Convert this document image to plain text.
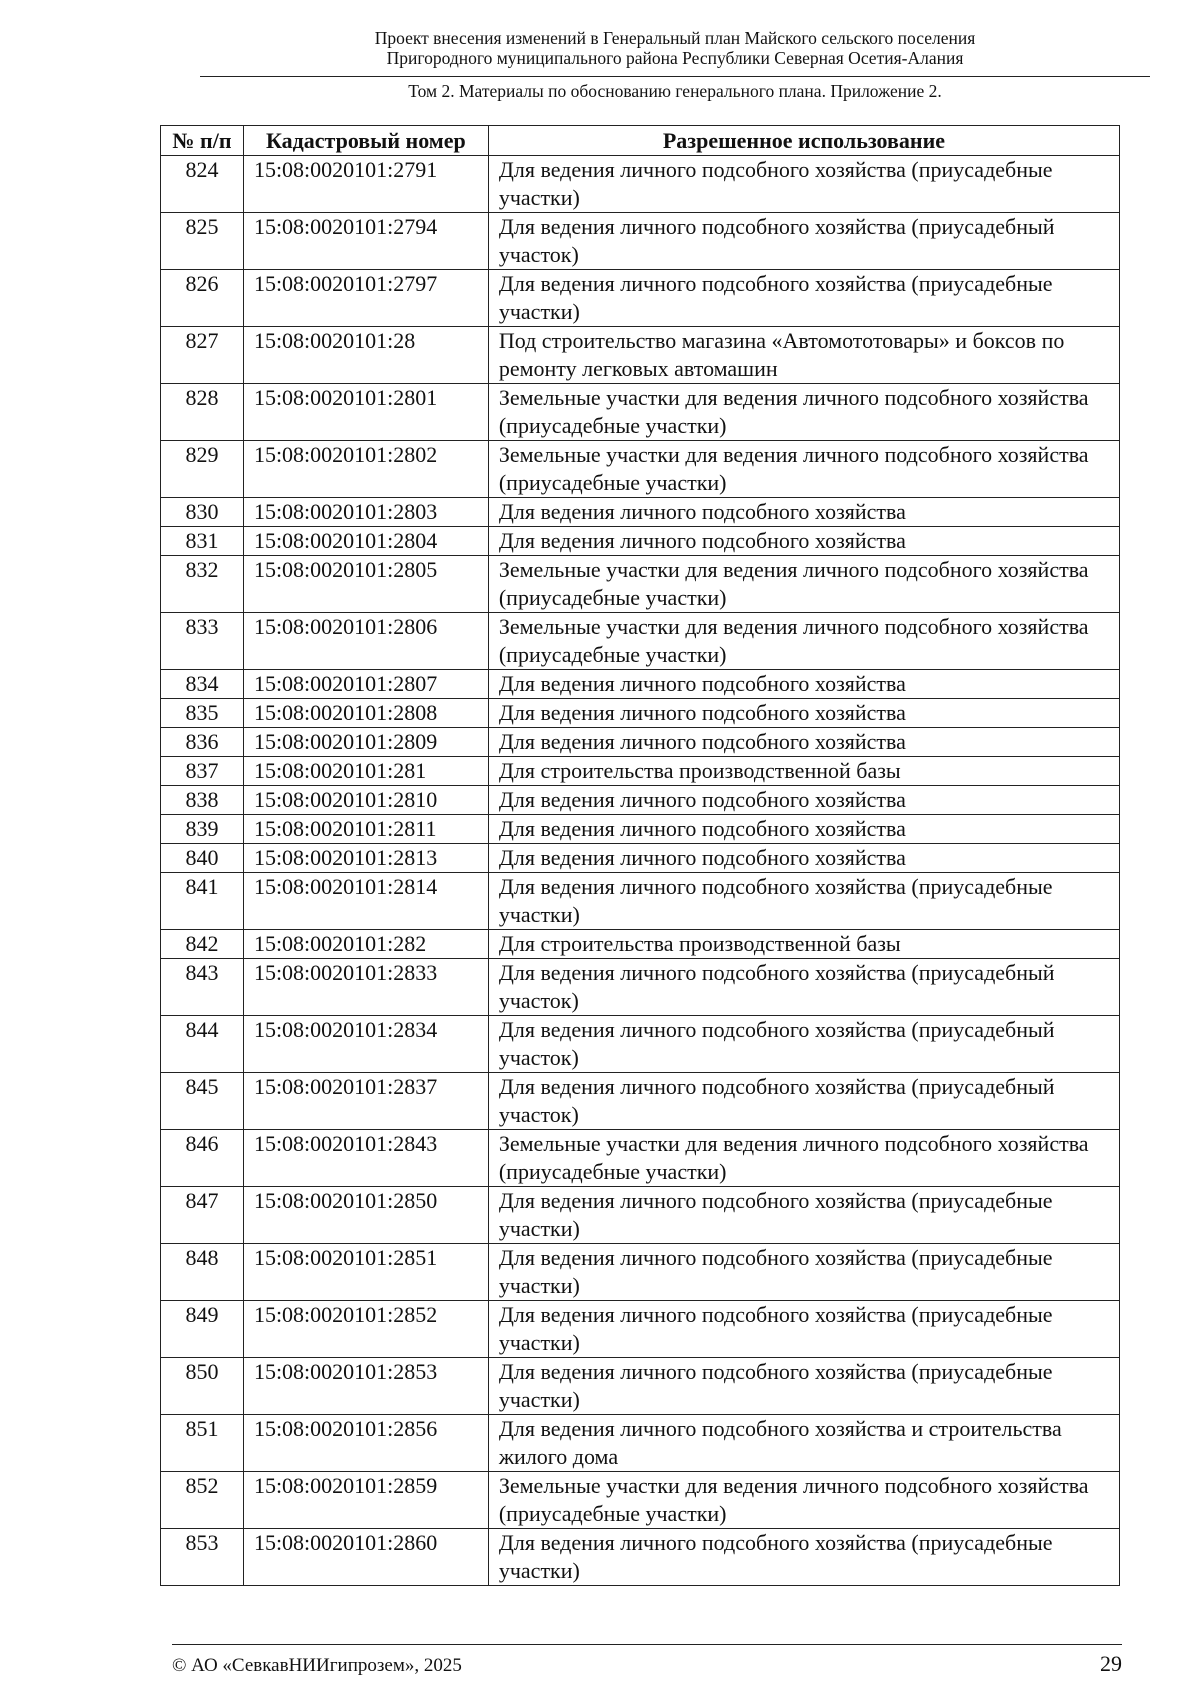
Проект внесения изменений в Генеральный план Майского сельского поселения
Пригородного муниципального района Республики Северная Осетия-Алания
Том 2. Материалы по обоснованию генерального плана. Приложение 2.
№ п/п	Кадастровый номер	Разрешенное использование
824	15:08:0020101:2791	Для ведения личного подсобного хозяйства (приусадебные участки)
825	15:08:0020101:2794	Для ведения личного подсобного хозяйства (приусадебный участок)
826	15:08:0020101:2797	Для ведения личного подсобного хозяйства (приусадебные участки)
827	15:08:0020101:28	Под строительство магазина «Автомототовары» и боксов по ремонту легковых автомашин
828	15:08:0020101:2801	Земельные участки для ведения личного подсобного хозяйства (приусадебные участки)
829	15:08:0020101:2802	Земельные участки для ведения личного подсобного хозяйства (приусадебные участки)
830	15:08:0020101:2803	Для ведения личного подсобного хозяйства
831	15:08:0020101:2804	Для ведения личного подсобного хозяйства
832	15:08:0020101:2805	Земельные участки для ведения личного подсобного хозяйства (приусадебные участки)
833	15:08:0020101:2806	Земельные участки для ведения личного подсобного хозяйства (приусадебные участки)
834	15:08:0020101:2807	Для ведения личного подсобного хозяйства
835	15:08:0020101:2808	Для ведения личного подсобного хозяйства
836	15:08:0020101:2809	Для ведения личного подсобного хозяйства
837	15:08:0020101:281	Для строительства производственной базы
838	15:08:0020101:2810	Для ведения личного подсобного хозяйства
839	15:08:0020101:2811	Для ведения личного подсобного хозяйства
840	15:08:0020101:2813	Для ведения личного подсобного хозяйства
841	15:08:0020101:2814	Для ведения личного подсобного хозяйства (приусадебные участки)
842	15:08:0020101:282	Для строительства производственной базы
843	15:08:0020101:2833	Для ведения личного подсобного хозяйства (приусадебный участок)
844	15:08:0020101:2834	Для ведения личного подсобного хозяйства (приусадебный участок)
845	15:08:0020101:2837	Для ведения личного подсобного хозяйства (приусадебный участок)
846	15:08:0020101:2843	Земельные участки для ведения личного подсобного хозяйства (приусадебные участки)
847	15:08:0020101:2850	Для ведения личного подсобного хозяйства (приусадебные участки)
848	15:08:0020101:2851	Для ведения личного подсобного хозяйства (приусадебные участки)
849	15:08:0020101:2852	Для ведения личного подсобного хозяйства (приусадебные участки)
850	15:08:0020101:2853	Для ведения личного подсобного хозяйства (приусадебные участки)
851	15:08:0020101:2856	Для ведения личного подсобного хозяйства и строительства жилого дома
852	15:08:0020101:2859	Земельные участки для ведения личного подсобного хозяйства (приусадебные участки)
853	15:08:0020101:2860	Для ведения личного подсобного хозяйства (приусадебные участки)
© АО «СевкавНИИгипрозем», 2025	29
